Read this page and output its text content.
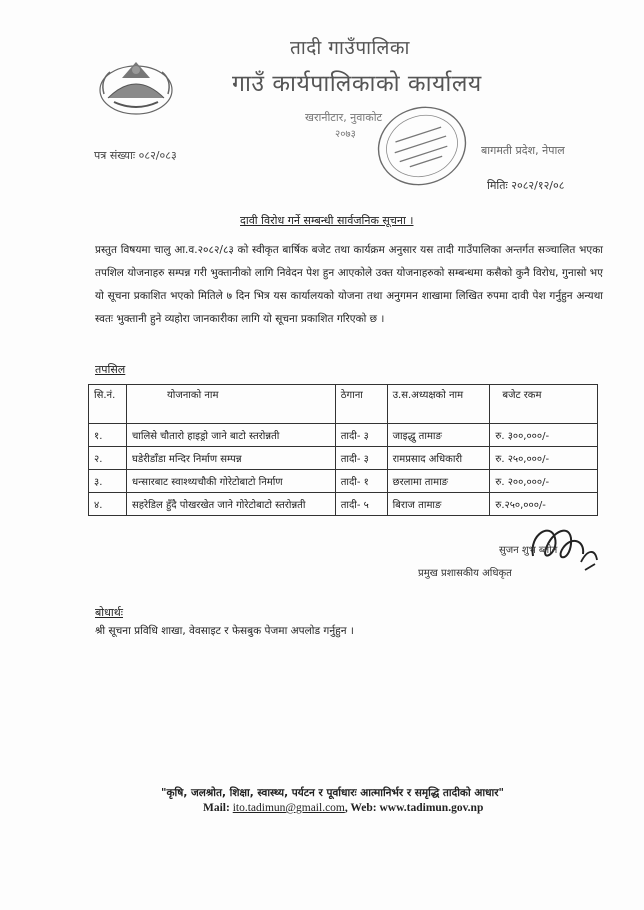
तादी गाउँपालिका
गाउँ कार्यपालिकाको कार्यालय
खरानीटार, नुवाकोट
२०७३
पत्र संख्याः ०८२/०८३	बागमती प्रदेश, नेपाल
मितिः २०८२/१२/०८
दावी विरोध गर्ने सम्बन्धी सार्वजनिक सूचना ।
प्रस्तुत विषयमा चालु आ.व.२०८२/८३ को स्वीकृत बार्षिक बजेट तथा कार्यक्रम अनुसार यस तादी गाउँपालिका अन्तर्गत सञ्चालित भएका तपशिल योजनाहरु सम्पन्न गरी भुक्तानीको लागि निवेदन पेश हुन आएकोले उक्त योजनाहरुको सम्बन्धमा कसैको कुनै विरोध, गुनासो भए यो सूचना प्रकाशित भएको मितिले ७ दिन भित्र यस कार्यालयको योजना तथा अनुगमन शाखामा लिखित रुपमा दावी पेश गर्नुहुन अन्यथा स्वतः भुक्तानी हुने व्यहोरा जानकारीका लागि यो सूचना प्रकाशित गरिएको छ ।
तपसिल
सि.नं.	योजनाको नाम	ठेगाना	उ.स.अध्यक्षको नाम	बजेट रकम
१.	चालिसे चौतारो हाइड्रो जाने बाटो स्तरोन्नती	तादी- ३	जाइद्धु तामाङ	रु. ३००,०००/-
२.	घडेरीडाँडा मन्दिर निर्माण सम्पन्न	तादी- ३	रामप्रसाद अधिकारी	रु. २५०,०००/-
३.	धन्सारबाट स्वाश्थ्यचौकी गोरेटोबाटो निर्माण	तादी- १	छरलामा तामाङ	रु. २००,०००/-
४.	सहरेडिल हुँदै पोखरखेत जाने गोरेटोबाटो स्तरोन्नती	तादी- ५	बिराज तामाङ	रु.२५०,०००/-
सुजन शुभ ब्लोन
प्रमुख प्रशासकीय अधिकृत
बोधार्थः
श्री सूचना प्रविधि शाखा, वेवसाइट र फेसबुक पेजमा अपलोड गर्नुहुन ।
"कृषि, जलश्रोत, शिक्षा, स्वास्थ्य, पर्यटन र पूर्वाधारः आत्मानिर्भर र समृद्धि तादीको आधार"
Mail: ito.tadimun@gmail.com, Web: www.tadimun.gov.np
